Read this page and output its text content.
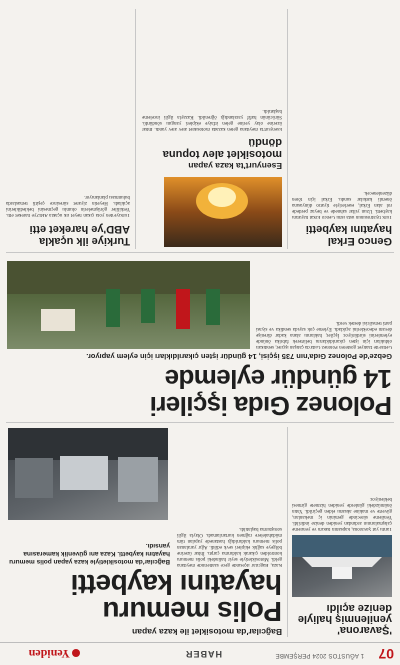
07
1 AĞUSTOS 2024 PERŞEMBE
HABER
Yeniden
Bağcılar'da motosiklet ile kaza yapan
Polis memuru
hayatını kaybetti
Bağcılar'da motosikletiyle kaza yapan polis memuru hayatını kaybetti. Kaza anı güvenlik kamerasına yansıdı.
Kaza, Bağcılar ilçesinde gece saatlerinde meydana geldi. Motosikletiyle seyir halindeki polis memuru kontrolden çıkarak kaldırıma çarptı. İhbar üzerine bölgeye sağlık ekipleri sevk edildi. Ağır yaralanan polis memuru kaldırıldığı hastanede yapılan tüm müdahalelere rağmen kurtarılamadı. Olayla ilgili soruşturma başlatıldı.
'Şavarona' yenilenmiş haliyle denize açıldı
Tarihi yat Şavarona, kapsamlı bakım ve yenileme çalışmalarının ardından yeniden denize indirildi. Yenileme sürecinde geminin iç mekanları, güverte ve makine aksamı elden geçirildi. Yatın önümüzdeki günlerde yeniden hizmete girmesi bekleniyor.
Polonez Gıda işçileri
14 gündür eylemde
Gebze'de Polonez Gıda'nın 735 işçisi, 14 gündür işten çıkarıldıkları için eylem yapıyor.
Gebze'de faaliyet gösteren Polonez Gıda'da çalışan işçiler, sendikalı oldukları için işten çıkarıldıklarını belirterek fabrika önünde eylemlerini sürdürüyor. İşçiler, haklarını alana kadar direnişe devam edeceklerini açıkladı. Eyleme çok sayıda sendika ve siyasi parti temsilcisi destek verdi.
Genco Erkal hayatını kaybetti
Türk tiyatrosunun usta ismi Genco Erkal hayatını kaybetti. Uzun yıllar sahnede ve beyaz perdede rol alan Erkal, eserleriyle tiyatro dünyasına önemli katkılar sundu. Erkal için tören düzenlenecek.
Esenyurt'ta kaza yapan
motosiklet alev topuna döndü
Esenyurt'ta meydana gelen kazada motosiklet alev alev yandı. İhbar üzerine olay yerine gelen itfaiye ekipleri yangını söndürdü. Sürücünün hafif yaralandığı öğrenildi. Kazayla ilgili inceleme başlatıldı.
Turkiye ilk uçakla ABD'ye hareket etti
Türkiye'den yola çıkan heyet ilk uçakla ABD'ye hareket etti. Yetkililer görüşmelerin olumlu geçmesini beklediklerini açıkladı. Heyetin ziyaret süresince çeşitli temaslarda bulunması planlanıyor.
